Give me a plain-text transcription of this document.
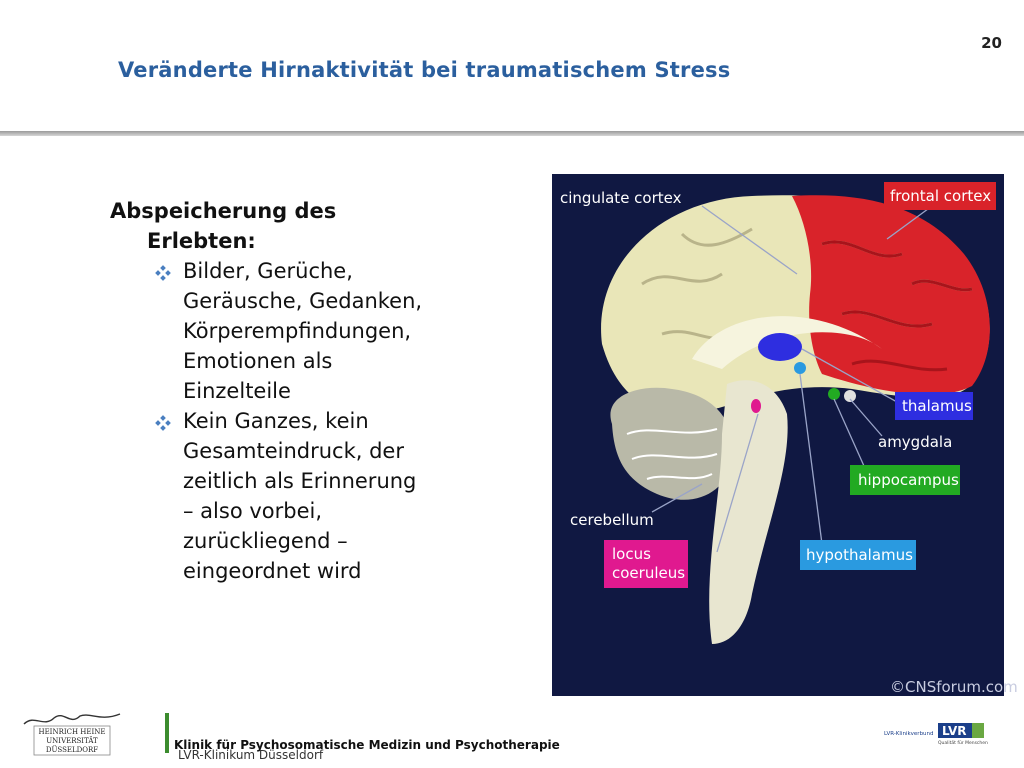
20
Veränderte Hirnaktivität bei traumatischem Stress
Abspeicherung des
Erlebten:
Bilder, Gerüche,
Geräusche, Gedanken,
Körperempfindungen,
Emotionen als
Einzelteile
Kein Ganzes, kein
Gesamteindruck, der
zeitlich als Erinnerung
– also vorbei,
zurückliegend –
eingeordnet wird
cingulate cortex	frontal cortex
thalamus
amygdala
hippocampus
cerebellum
locus
coeruleus
hypothalamus
©CNSforum.com
HEINRICH HEINE
UNIVERSITÄT
DÜSSELDORF	Klinik für Psychosomatische Medizin und Psychotherapie
LVR-Klinikum Düsseldorf
LVR-Klinikverbund LVR
Qualität für Menschen
